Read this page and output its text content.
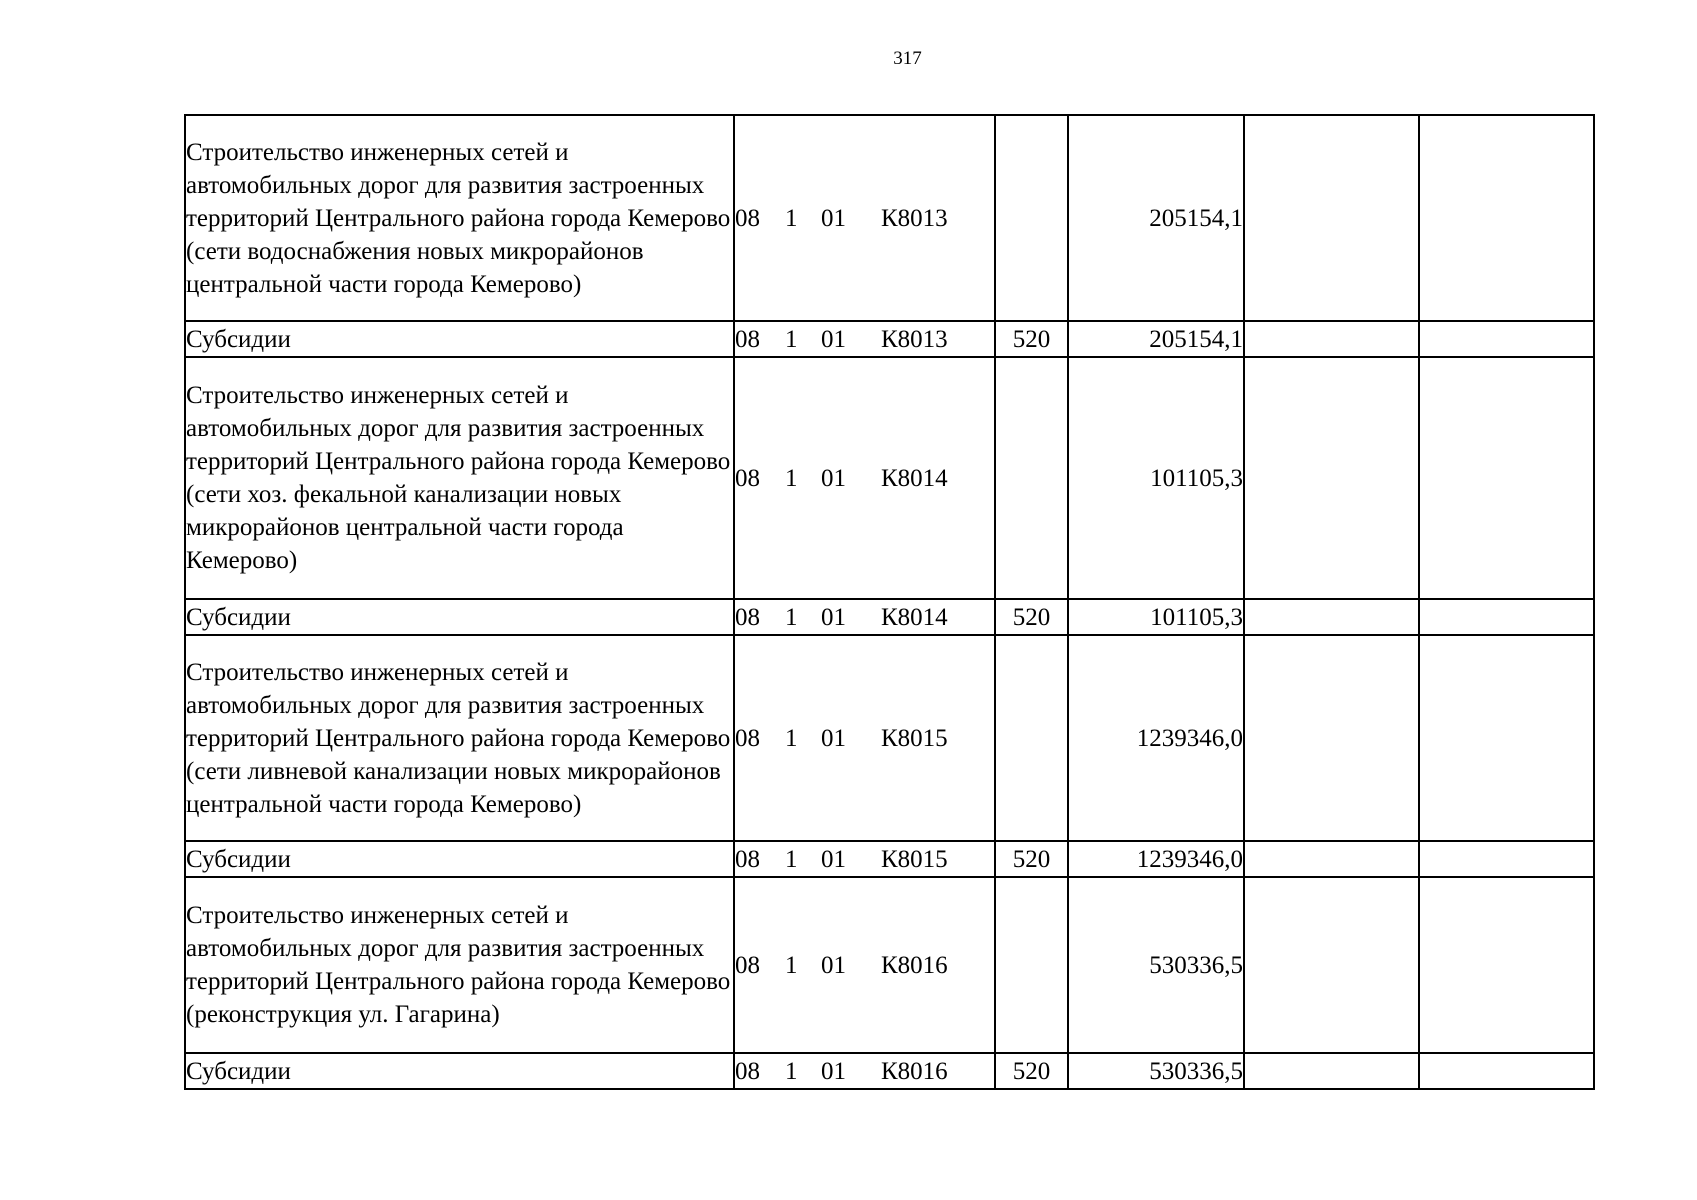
317
Строительство инженерных сетей и автомобильных дорог для развития застроенных территорий Центрального района города Кемерово (сети водоснабжения новых микрорайонов центральной части города Кемерово)	08 1 01 К8013		205154,1		
Субсидии	08 1 01 К8013	520	205154,1		
Строительство инженерных сетей и автомобильных дорог для развития застроенных территорий Центрального района города Кемерово (сети хоз. фекальной канализации новых микрорайонов центральной части города Кемерово)	08 1 01 К8014		101105,3		
Субсидии	08 1 01 К8014	520	101105,3		
Строительство инженерных сетей и автомобильных дорог для развития застроенных территорий Центрального района города Кемерово (сети ливневой канализации новых микрорайонов центральной части города Кемерово)	08 1 01 К8015		1239346,0		
Субсидии	08 1 01 К8015	520	1239346,0		
Строительство инженерных сетей и автомобильных дорог для развития застроенных территорий Центрального района города Кемерово (реконструкция ул. Гагарина)	08 1 01 К8016		530336,5		
Субсидии	08 1 01 К8016	520	530336,5		
